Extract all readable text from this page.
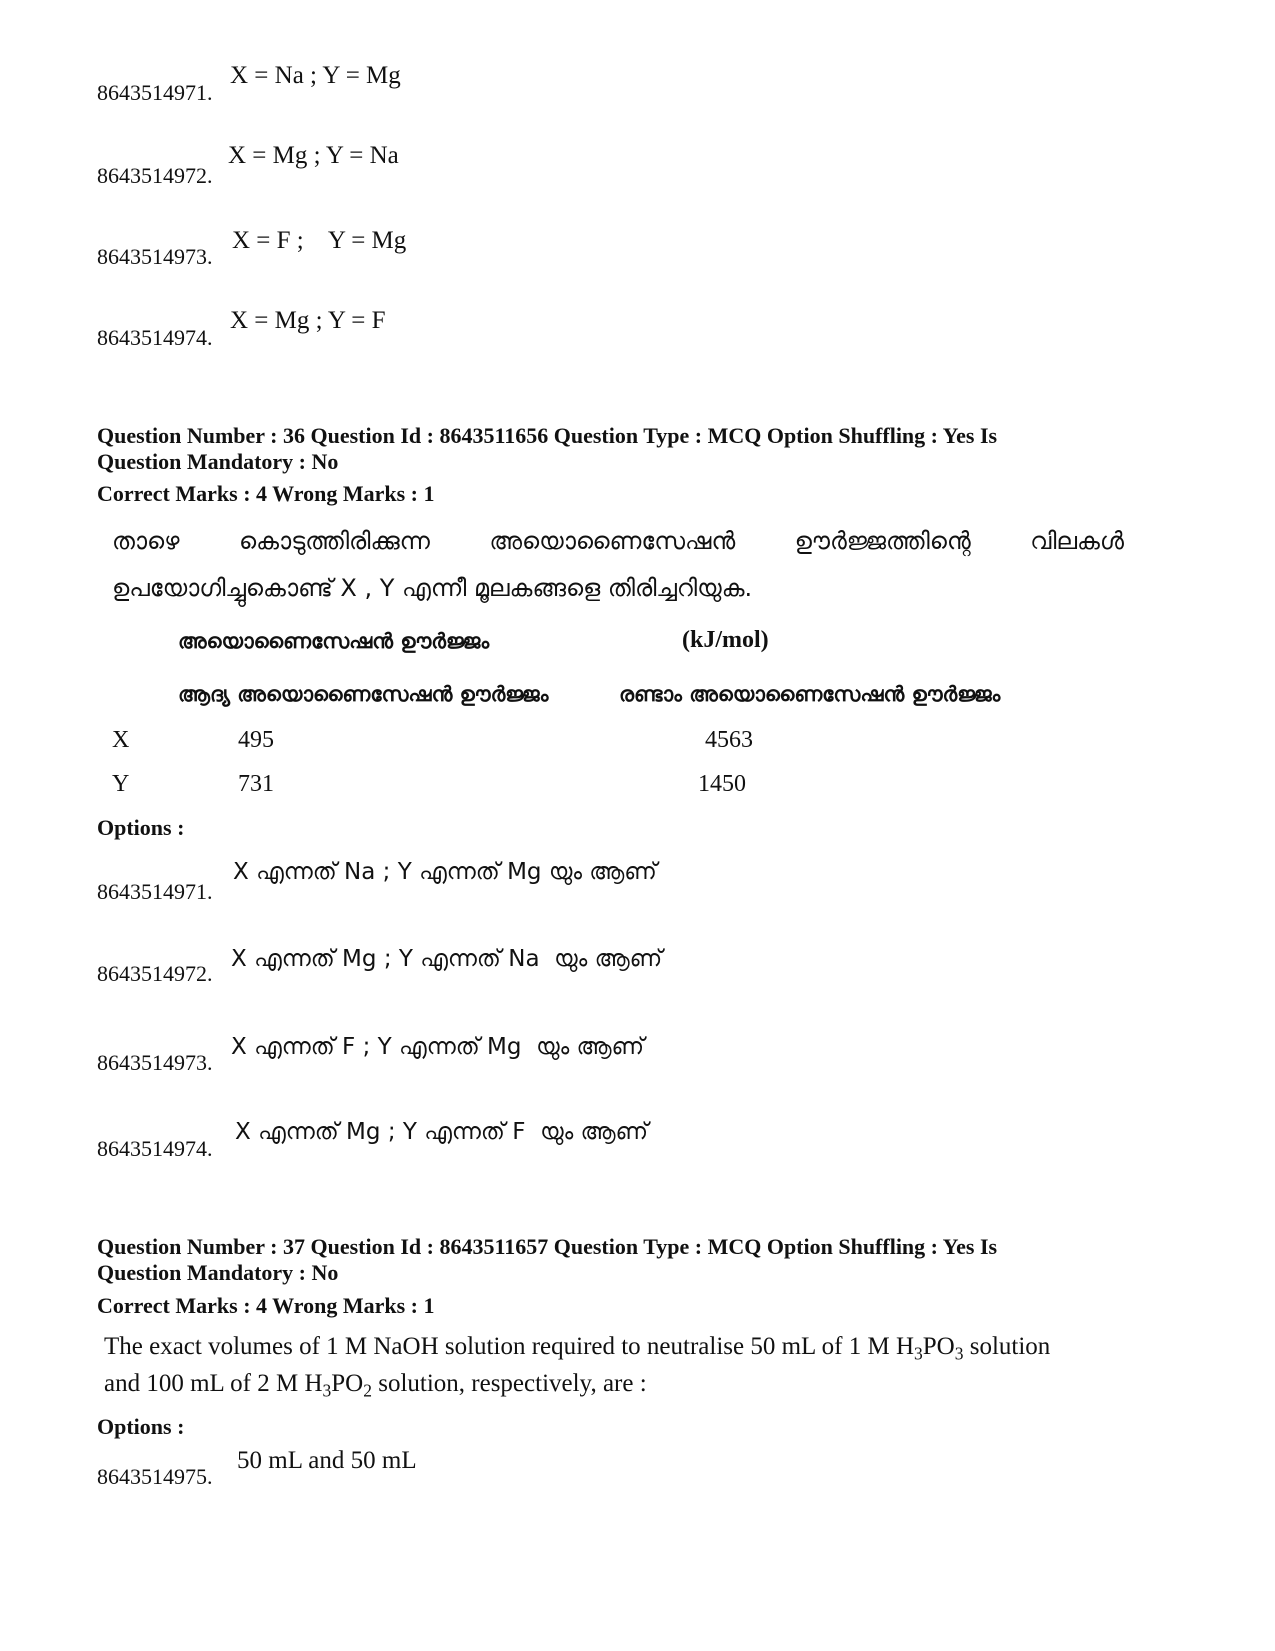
8643514971.
X = Na ; Y = Mg
8643514972.
X = Mg ; Y = Na
8643514973.
X = F ;    Y = Mg
8643514974.
X = Mg ; Y = F
Question Number : 36 Question Id : 8643511656 Question Type : MCQ Option Shuffling : Yes Is
Question Mandatory : No
Correct Marks : 4 Wrong Marks : 1
താഴെ കൊടുത്തിരിക്കുന്ന അയൊണൈസേഷൻ ഊർജ്ജത്തിന്റെ വിലകൾ
ഉപയോഗിച്ചുകൊണ്ട് X , Y എന്നീ മൂലകങ്ങളെ തിരിച്ചറിയുക.
അയൊണൈസേഷൻ ഊർജ്ജം	(kJ/mol)
ആദ്യ അയൊണൈസേഷൻ ഊർജ്ജം	രണ്ടാം അയൊണൈസേഷൻ ഊർജ്ജം
X	495	4563
Y	731	1450
Options :
8643514971.
X എന്നത് Na ; Y എന്നത് Mg യും ആണ്
8643514972.
X എന്നത് Mg ; Y എന്നത് Na  യും ആണ്
8643514973.
X എന്നത് F ; Y എന്നത് Mg  യും ആണ്
8643514974.
X എന്നത് Mg ; Y എന്നത് F  യും ആണ്
Question Number : 37 Question Id : 8643511657 Question Type : MCQ Option Shuffling : Yes Is
Question Mandatory : No
Correct Marks : 4 Wrong Marks : 1
The exact volumes of 1 M NaOH solution required to neutralise 50 mL of 1 M $H_3PO_3$ solution
and 100 mL of 2 M $H_3PO_2$ solution, respectively, are :
Options :
8643514975.
50 mL and 50 mL
